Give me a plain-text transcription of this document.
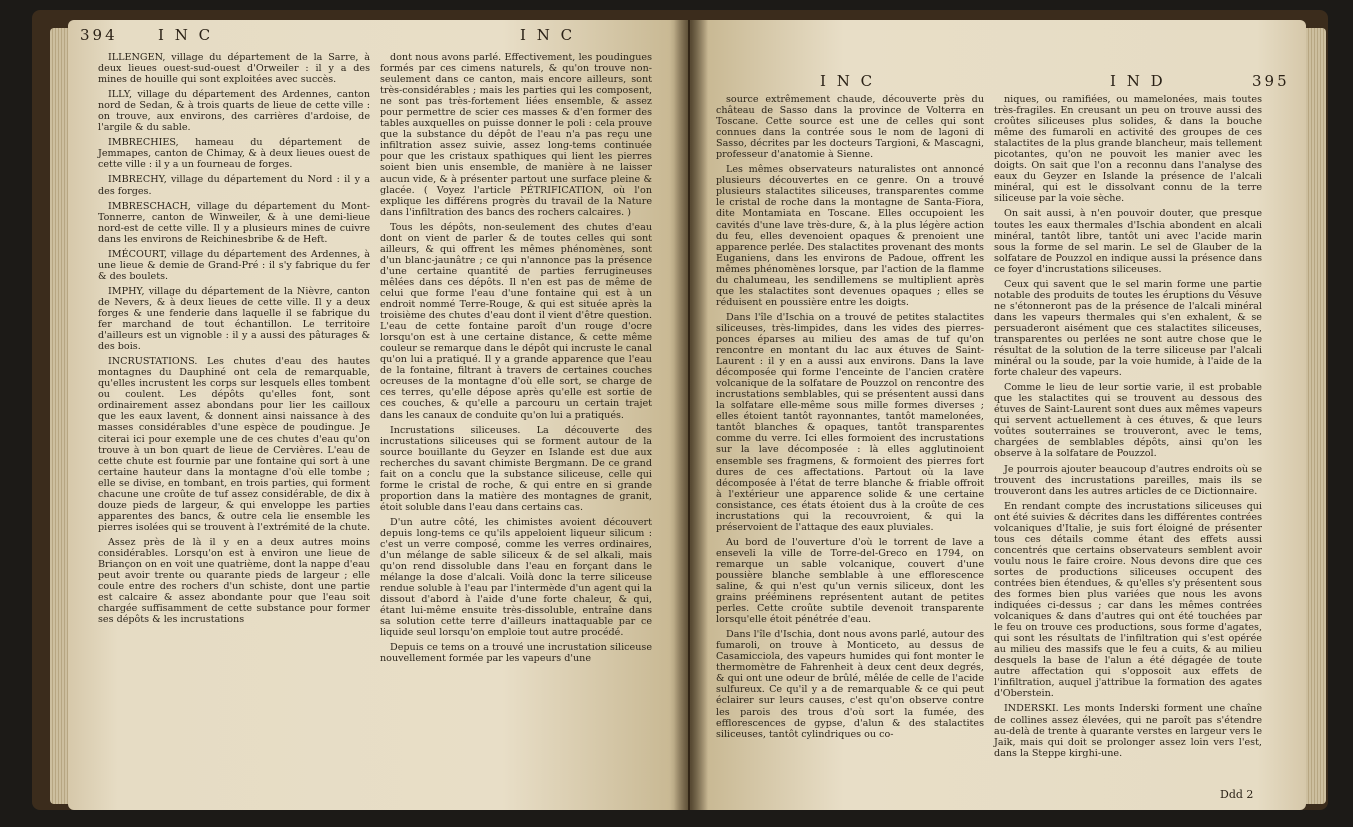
394	I N C	I N C

ILLENGEN, village du département de la Sarre, à deux lieues ouest-sud-ouest d'Orweiler : il y a des mines de houille qui sont exploitées avec succès.

ILLY, village du département des Ardennes, canton nord de Sedan, & à trois quarts de lieue de cette ville : on trouve, aux environs, des carrières d'ardoise, de l'argile & du sable.

IMBRECHIES, hameau du département de Jemmapes, canton de Chimay, & à deux lieues ouest de cette ville : il y a un fourneau de forges.

IMBRECHY, village du département du Nord : il y a des forges.

IMBRESCHACH, village du département du Mont-Tonnerre, canton de Winweiler, & à une demi-lieue nord-est de cette ville. Il y a plusieurs mines de cuivre dans les environs de Reichinesbribe & de Heft.

IMÉCOURT, village du département des Ardennes, à une lieue & demie de Grand-Pré : il s'y fabrique du fer & des boulets.

IMPHY, village du département de la Nièvre, canton de Nevers, & à deux lieues de cette ville. Il y a deux forges & une fenderie dans laquelle il se fabrique du fer marchand de tout échantillon. Le territoire d'ailleurs est un vignoble : il y a aussi des pâturages & des bois.

INCRUSTATIONS. Les chutes d'eau des hautes montagnes du Dauphiné ont cela de remarquable, qu'elles incrustent les corps sur lesquels elles tombent ou coulent. Les dépôts qu'elles font, sont ordinairement assez abondans pour lier les cailloux que les eaux lavent, & donnent ainsi naissance à des masses considérables d'une espèce de poudingue. Je citerai ici pour exemple une de ces chutes d'eau qu'on trouve à un bon quart de lieue de Cervières. L'eau de cette chute est fournie par une fontaine qui sort à une certaine hauteur dans la montagne d'où elle tombe ; elle se divise, en tombant, en trois parties, qui forment chacune une croûte de tuf assez considérable, de dix à douze pieds de largeur, & qui enveloppe les parties apparentes des bancs, & outre cela lie ensemble les pierres isolées qui se trouvent à l'extrémité de la chute.

Assez près de là il y en a deux autres moins considérables. Lorsqu'on est à environ une lieue de Briançon on en voit une quatrième, dont la nappe d'eau peut avoir trente ou quarante pieds de largeur ; elle coule entre des rochers d'un schiste, dont une partie est calcaire & assez abondante pour que l'eau soit chargée suffisamment de cette substance pour former ses dépôts & les incrustations

dont nous avons parlé. Effectivement, les poudingues formés par ces cimens naturels, & qu'on trouve non-seulement dans ce canton, mais encore ailleurs, sont très-considérables ; mais les parties qui les composent, ne sont pas très-fortement liées ensemble, & assez pour permettre de scier ces masses & d'en former des tables auxquelles on puisse donner le poli : cela prouve que la substance du dépôt de l'eau n'a pas reçu une infiltration assez suivie, assez long-tems continuée pour que les cristaux spathiques qui lient les pierres soient bien unis ensemble, de manière à ne laisser aucun vide, & à présenter partout une surface pleine & glacée. ( Voyez l'article PÉTRIFICATION, où l'on explique les différens progrès du travail de la Nature dans l'infiltration des bancs des rochers calcaires. )

Tous les dépôts, non-seulement des chutes d'eau dont on vient de parler & de toutes celles qui sont ailleurs, & qui offrent les mêmes phénomènes, sont d'un blanc-jaunâtre ; ce qui n'annonce pas la présence d'une certaine quantité de parties ferrugineuses mêlées dans ces dépôts. Il n'en est pas de même de celui que forme l'eau d'une fontaine qui est à un endroit nommé Terre-Rouge, & qui est située après la troisième des chutes d'eau dont il vient d'être question. L'eau de cette fontaine paroît d'un rouge d'ocre lorsqu'on est à une certaine distance, & cette même couleur se remarque dans le dépôt qui incruste le canal qu'on lui a pratiqué. Il y a grande apparence que l'eau de la fontaine, filtrant à travers de certaines couches ocreuses de la montagne d'où elle sort, se charge de ces terres, qu'elle dépose après qu'elle est sortie de ces couches, & qu'elle a parcouru un certain trajet dans les canaux de conduite qu'on lui a pratiqués.

Incrustations siliceuses. La découverte des incrustations siliceuses qui se forment autour de la source bouillante du Geyzer en Islande est due aux recherches du savant chimiste Bergmann. De ce grand fait on a conclu que la substance siliceuse, celle qui forme le cristal de roche, & qui entre en si grande proportion dans la matière des montagnes de granit, étoit soluble dans l'eau dans certains cas.

D'un autre côté, les chimistes avoient découvert depuis long-tems ce qu'ils appeloient liqueur silicum : c'est un verre composé, comme les verres ordinaires, d'un mélange de sable siliceux & de sel alkali, mais qu'on rend dissoluble dans l'eau en forçant dans le mélange la dose d'alcali. Voilà donc la terre siliceuse rendue soluble à l'eau par l'intermède d'un agent qui la dissout d'abord à l'aide d'une forte chaleur, & qui, étant lui-même ensuite très-dissoluble, entraîne dans sa solution cette terre d'ailleurs inattaquable par ce liquide seul lorsqu'on emploie tout autre procédé.

Depuis ce tems on a trouvé une incrustation siliceuse nouvellement formée par les vapeurs d'une

I N C	I N D	395

source extrêmement chaude, découverte près du château de Sasso dans la province de Volterra en Toscane. Cette source est une de celles qui sont connues dans la contrée sous le nom de lagoni di Sasso, décrites par les docteurs Targioni, & Mascagni, professeur d'anatomie à Sienne.

Les mêmes observateurs naturalistes ont annoncé plusieurs découvertes en ce genre. On a trouvé plusieurs stalactites siliceuses, transparentes comme le cristal de roche dans la montagne de Santa-Fiora, dite Montamiata en Toscane. Elles occupoient les cavités d'une lave très-dure, &, à la plus légère action du feu, elles devenoient opaques & prenoient une apparence perlée. Des stalactites provenant des monts Euganiens, dans les environs de Padoue, offrent les mêmes phénomènes lorsque, par l'action de la flamme du chalumeau, les sendillemens se multiplient après que les stalactites sont devenues opaques ; elles se réduisent en poussière entre les doigts.

Dans l'île d'Ischia on a trouvé de petites stalactites siliceuses, très-limpides, dans les vides des pierres-ponces éparses au milieu des amas de tuf qu'on rencontre en montant du lac aux étuves de Saint-Laurent : il y en a aussi aux environs. Dans la lave décomposée qui forme l'enceinte de l'ancien cratère volcanique de la solfatare de Pouzzol on rencontre des incrustations semblables, qui se présentent aussi dans la solfatare elle-même sous mille formes diverses ; elles étoient tantôt rayonnantes, tantôt mamelonées, tantôt blanches & opaques, tantôt transparentes comme du verre. Ici elles formoient des incrustations sur la lave décomposée : là elles agglutinoient ensemble ses fragmens, & formoient des pierres fort dures de ces affectations. Partout où la lave décomposée à l'état de terre blanche & friable offroit à l'extérieur une apparence solide & une certaine consistance, ces états étoient dus à la croûte de ces incrustations qui la recouvroient, & qui la préservoient de l'attaque des eaux pluviales.

Au bord de l'ouverture d'où le torrent de lave a enseveli la ville de Torre-del-Greco en 1794, on remarque un sable volcanique, couvert d'une poussière blanche semblable à une efflorescence saline, & qui n'est qu'un vernis siliceux, dont les grains prééminens représentent autant de petites perles. Cette croûte subtile devenoit transparente lorsqu'elle étoit pénétrée d'eau.

Dans l'île d'Ischia, dont nous avons parlé, autour des fumaroli, on trouve à Monticeto, au dessus de Casamicciola, des vapeurs humides qui font monter le thermomètre de Fahrenheit à deux cent deux degrés, & qui ont une odeur de brûlé, mêlée de celle de l'acide sulfureux. Ce qu'il y a de remarquable & ce qui peut éclairer sur leurs causes, c'est qu'on observe contre les parois des trous d'où sort la fumée, des efflorescences de gypse, d'alun & des stalactites siliceuses, tantôt cylindriques ou co-

niques, ou ramifiées, ou mamelonées, mais toutes très-fragiles. En creusant un peu on trouve aussi des croûtes siliceuses plus solides, & dans la bouche même des fumaroli en activité des groupes de ces stalactites de la plus grande blancheur, mais tellement picotantes, qu'on ne pouvoit les manier avec les doigts. On sait que l'on a reconnu dans l'analyse des eaux du Geyzer en Islande la présence de l'alcali minéral, qui est le dissolvant connu de la terre siliceuse par la voie sèche.

On sait aussi, à n'en pouvoir douter, que presque toutes les eaux thermales d'Ischia abondent en alcali minéral, tantôt libre, tantôt uni avec l'acide marin sous la forme de sel marin. Le sel de Glauber de la solfatare de Pouzzol en indique aussi la présence dans ce foyer d'incrustations siliceuses.

Ceux qui savent que le sel marin forme une partie notable des produits de toutes les éruptions du Vésuve ne s'étonneront pas de la présence de l'alcali minéral dans les vapeurs thermales qui s'en exhalent, & se persuaderont aisément que ces stalactites siliceuses, transparentes ou perlées ne sont autre chose que le résultat de la solution de la terre siliceuse par l'alcali minéral ou la soude, par la voie humide, à l'aide de la forte chaleur des vapeurs.

Comme le lieu de leur sortie varie, il est probable que les stalactites qui se trouvent au dessous des étuves de Saint-Laurent sont dues aux mêmes vapeurs qui servent actuellement à ces étuves, & que leurs voûtes souterraines se trouveront, avec le tems, chargées de semblables dépôts, ainsi qu'on les observe à la solfatare de Pouzzol.

Je pourrois ajouter beaucoup d'autres endroits où se trouvent des incrustations pareilles, mais ils se trouveront dans les autres articles de ce Dictionnaire.

En rendant compte des incrustations siliceuses qui ont été suivies & décrites dans les différentes contrées volcaniques d'Italie, je suis fort éloigné de présenter tous ces détails comme étant des effets aussi concentrés que certains observateurs semblent avoir voulu nous le faire croire. Nous devons dire que ces sortes de productions siliceuses occupent des contrées bien étendues, & qu'elles s'y présentent sous des formes bien plus variées que nous les avons indiquées ci-dessus ; car dans les mêmes contrées volcaniques & dans d'autres qui ont été touchées par le feu on trouve ces productions, sous forme d'agates, qui sont les résultats de l'infiltration qui s'est opérée au milieu des massifs que le feu a cuits, & au milieu desquels la base de l'alun a été dégagée de toute autre affectation qui s'opposoit aux effets de l'infiltration, auquel j'attribue la formation des agates d'Oberstein.

INDERSKI. Les monts Inderski forment une chaîne de collines assez élevées, qui ne paroît pas s'étendre au-delà de trente à quarante verstes en largeur vers le Jaik, mais qui doit se prolonger assez loin vers l'est, dans la Steppe kirghi-une.

Ddd 2
